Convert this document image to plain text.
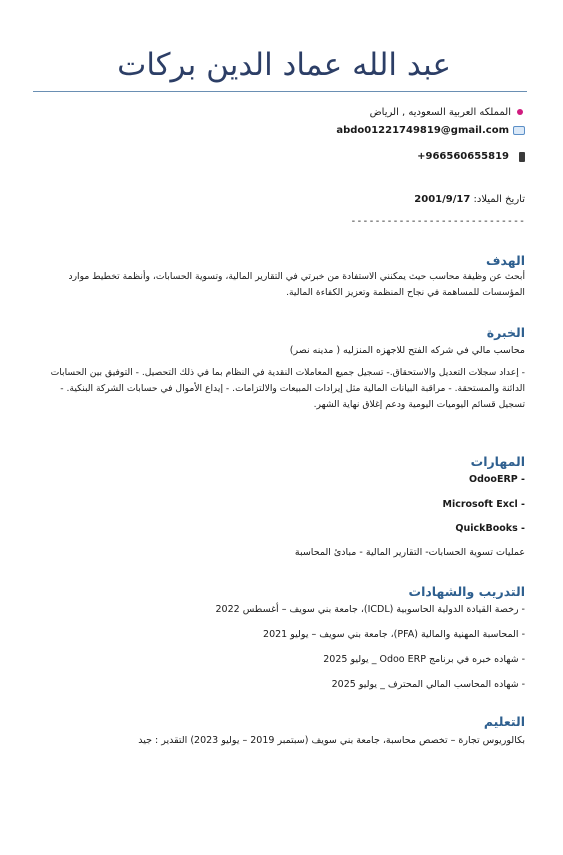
عبد الله عماد الدين بركات
المملكه العربية السعوديه , الرياض
abdo01221749819@gmail.com
+966560655819
تاريخ الميلاد: 2001/9/17
-----------------------------
الهدف
أبحث عن وظيفة محاسب حيث يمكنني الاستفادة من خبرتي في التقارير المالية، وتسوية الحسابات، وأنظمة تخطيط موارد المؤسسات للمساهمة في نجاح المنظمة وتعزيز الكفاءة المالية.
الخبرة
محاسب مالي في شركه الفتح للاجهزه المنزليه ( مدينه نصر)
- إعداد سجلات التعديل والاستحقاق.- تسجيل جميع المعاملات النقدية في النظام بما في ذلك التحصيل. - التوفيق بين الحسابات الدائنة والمستحقة. - مراقبة البيانات المالية مثل إيرادات المبيعات والالتزامات. - إيداع الأموال في حسابات الشركة البنكية. - تسجيل قسائم اليوميات اليومية ودعم إغلاق نهاية الشهر.
المهارات
- OdooERP
- Microsoft Excl
- QuickBooks
عمليات تسوية الحسابات- التقارير المالية - مبادئ المحاسبة
التدريب والشهادات
- رخصة القيادة الدولية الحاسوبية (ICDL)، جامعة بني سويف – أغسطس 2022
- المحاسبة المهنية والمالية (PFA)، جامعة بني سويف – يوليو 2021
- شهاده خبره في برنامج Odoo ERP _ يوليو 2025
- شهاده المحاسب المالي المحترف _ يوليو 2025
التعليم
بكالوريوس تجارة – تخصص محاسبة، جامعة بني سويف (سبتمبر 2019 – يوليو 2023) التقدير : جيد
